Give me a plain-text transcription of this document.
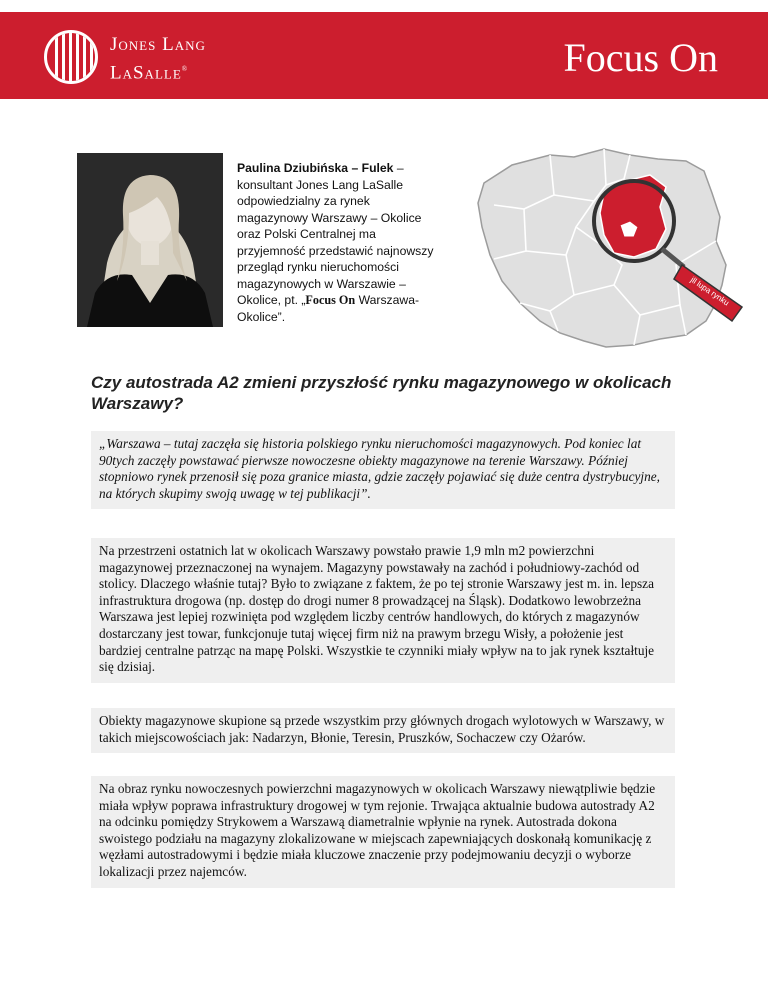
Jones Lang
LaSalle®	Focus On
Paulina Dziubińska – Fulek – konsultant Jones Lang LaSalle odpowiedzialny za rynek magazynowy Warszawy – Okolice oraz Polski Centralnej ma przyjemność przedstawić najnowszy przegląd rynku nieruchomości magazynowych w Warszawie – Okolice, pt. „Focus On Warszawa-Okolice”.
jll lupa rynku
Czy autostrada A2 zmieni przyszłość rynku magazynowego w okolicach Warszawy?
„Warszawa – tutaj zaczęła się historia polskiego rynku nieruchomości magazynowych. Pod koniec lat 90tych zaczęły powstawać pierwsze nowoczesne obiekty magazynowe na terenie Warszawy. Później stopniowo rynek przenosił się poza granice miasta, gdzie zaczęły pojawiać się duże centra dystrybucyjne, na których skupimy swoją uwagę w tej publikacji”.
Na przestrzeni ostatnich lat w okolicach Warszawy powstało prawie 1,9 mln m2 powierzchni magazynowej przeznaczonej na wynajem. Magazyny powstawały na zachód i południowy-zachód od stolicy. Dlaczego właśnie tutaj? Było to związane z faktem, że po tej stronie Warszawy jest m. in. lepsza infrastruktura drogowa (np. dostęp do drogi numer 8 prowadzącej na Śląsk). Dodatkowo lewobrzeżna Warszawa jest lepiej rozwinięta pod względem liczby centrów handlowych, do których z magazynów dostarczany jest towar, funkcjonuje tutaj więcej firm niż na prawym brzegu Wisły, a położenie jest bardziej centralne patrząc na mapę Polski. Wszystkie te czynniki miały wpływ na to jak rynek kształtuje się dzisiaj.
Obiekty magazynowe skupione są przede wszystkim przy głównych drogach wylotowych w Warszawy, w takich miejscowościach jak: Nadarzyn, Błonie, Teresin, Pruszków, Sochaczew czy Ożarów.
Na obraz rynku nowoczesnych powierzchni magazynowych w okolicach Warszawy niewątpliwie będzie miała wpływ poprawa infrastruktury drogowej w tym rejonie. Trwająca aktualnie budowa autostrady A2 na odcinku pomiędzy Strykowem a Warszawą diametralnie wpłynie na rynek. Autostrada dokona swoistego podziału na magazyny zlokalizowane w miejscach zapewniających doskonałą komunikację z węzłami autostradowymi i będzie miała kluczowe znaczenie przy podejmowaniu decyzji o wyborze lokalizacji przez najemców.
